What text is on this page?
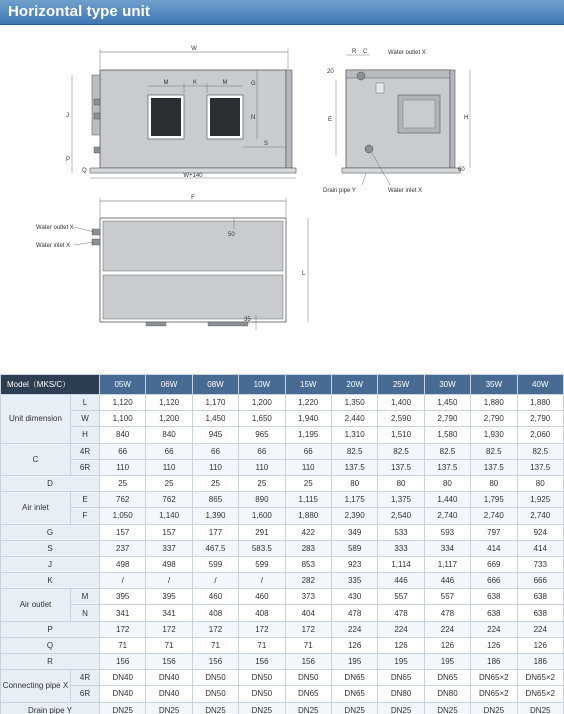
Horizontal type unit
W
M	K	M	G
N
S
J
P
Q
W+140
R C	Water outlet X
20
E	H
60
Drain pipe Y	Water inlet X
F
Water outlet X
Water inlet X
50
L
35
Model（MKS/C）		05W	06W	08W	10W	15W	20W	25W	30W	35W	40W
Unit dimension	L	1,120	1,120	1,170	1,200	1,220	1,350	1,400	1,450	1,880	1,880
	W	1,100	1,200	1,450	1,650	1,940	2,440	2,590	2,790	2,790	2,790
	H	840	840	945	965	1,195	1,310	1,510	1,580	1,930	2,060
C	4R	66	66	66	66	66	82.5	82.5	82.5	82.5	82.5
	6R	110	110	110	110	110	137.5	137.5	137.5	137.5	137.5
D		25	25	25	25	25	80	80	80	80	80
Air inlet	E	762	762	865	890	1,115	1,175	1,375	1,440	1,795	1,925
	F	1,050	1,140	1,390	1,600	1,880	2,390	2,540	2,740	2,740	2,740
G		157	157	177	291	422	349	533	593	797	924
S		237	337	467.5	583.5	283	589	333	334	414	414
J		498	498	599	599	853	923	1,114	1,117	669	733
K		/	/	/	/	282	335	446	446	666	666
Air outlet	M	395	395	460	460	373	430	557	557	638	638
	N	341	341	408	408	404	478	478	478	638	638
P		172	172	172	172	172	224	224	224	224	224
Q		71	71	71	71	71	126	126	126	126	126
R		156	156	156	156	156	195	195	195	186	186
Connecting pipe X	4R	DN40	DN40	DN50	DN50	DN50	DN65	DN65	DN65	DN65×2	DN65×2
	6R	DN40	DN40	DN50	DN50	DN65	DN65	DN80	DN80	DN65×2	DN65×2
Drain pipe Y		DN25	DN25	DN25	DN25	DN25	DN25	DN25	DN25	DN25	DN25
